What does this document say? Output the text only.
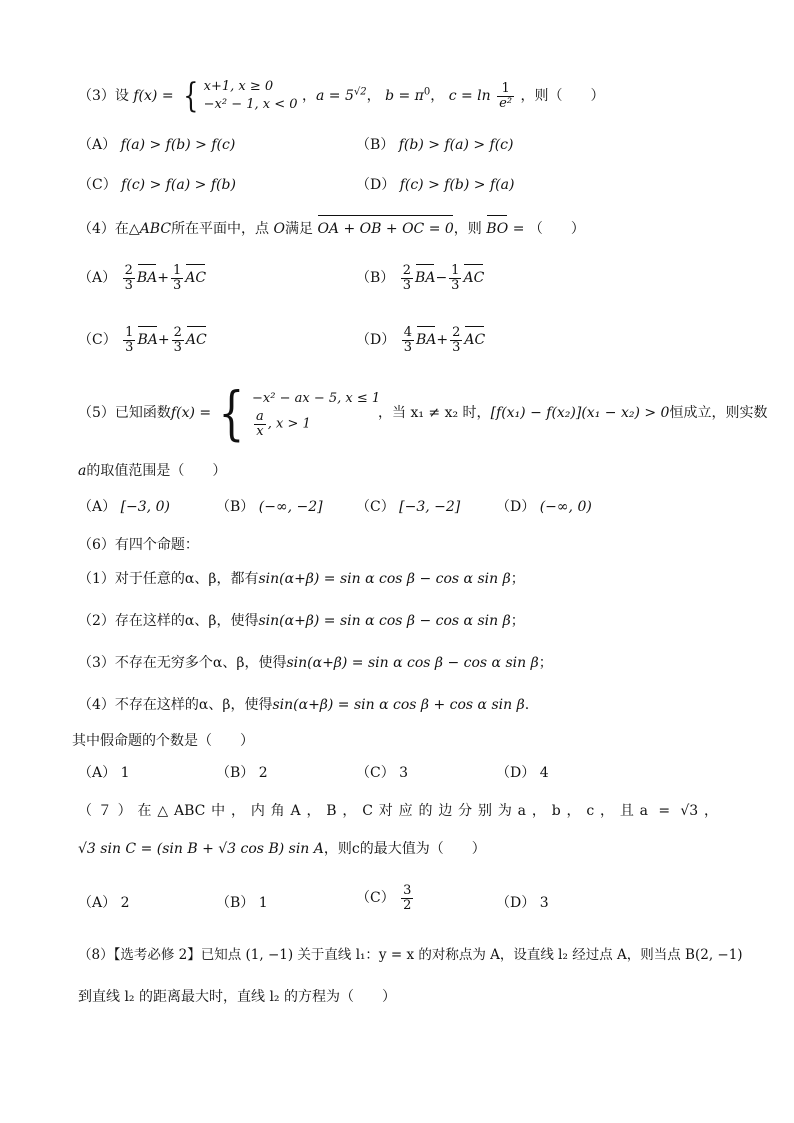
（3）设 f(x) = { x+1, x ≥ 0
−x² − 1, x < 0
，$a = 5^{√2}$， $b = \pi^0$， $c = \ln \frac{1}{\text{e²}}$ ，则（　　）
（A） f(a) > f(b) > f(c)	（B） f(b) > f(a) > f(c)
（C） f(c) > f(a) > f(b)	（D） f(c) > f(b) > f(a)
（4）在△ABC所在平面中，点 O满足 OA + OB + OC = 0，则 BO = （　　）
$(A) \frac{2}{3} BA+ \frac{1}{3}$ AC	$(B) \frac{2}{3} BA- \frac{1}{3}$ AC
$(C) \frac{1}{3} BA+ \frac{2}{3}$ AC	$(D) \frac{4}{3} BA+ \frac{2}{3}$ AC
（5）已知函数 f(x) = { −x² − ax − 5, x ≤ 1
$\frac{a}{x}$ , x > 1
，当 x₁ ≠ x₂ 时， [f(x₁) − f(x₂)](x₁ − x₂) > 0 恒成立，则实数
a的取值范围是（　　）
（A） [−3, 0)	（B） (−∞, −2] （C） [−3, −2]	（D） (−∞, 0)
（6）有四个命题：
（1）对于任意的α、β，都有sin(α+β) = sin α cos β − cos α sin β；
（2）存在这样的α、β，使得sin(α+β) = sin α cos β − cos α sin β；
（3）不存在无穷多个α、β，使得sin(α+β) = sin α cos β − cos α sin β；
（4）不存在这样的α、β，使得sin(α+β) = sin α cos β + cos α sin β.
其中假命题的个数是（　　）
（A） 1	（B） 2	（C） 3	（D） 4
（７）在△ABC中，内角A，B，C对应的边分别为a，b，c，且a = √3，
√3 sin C = (sin B + √3 cos B) sin A，则c的最大值为（　　）
（A） 2	（B） 1	$(C) \frac{3}{2}$	（D） 3
（8）【选考必修 2】已知点 (1, −1) 关于直线 l₁：y = x 的对称点为 A，设直线 l₂ 经过点 A，则当点 B(2, −1)
到直线 l₂ 的距离最大时，直线 l₂ 的方程为（　　）
